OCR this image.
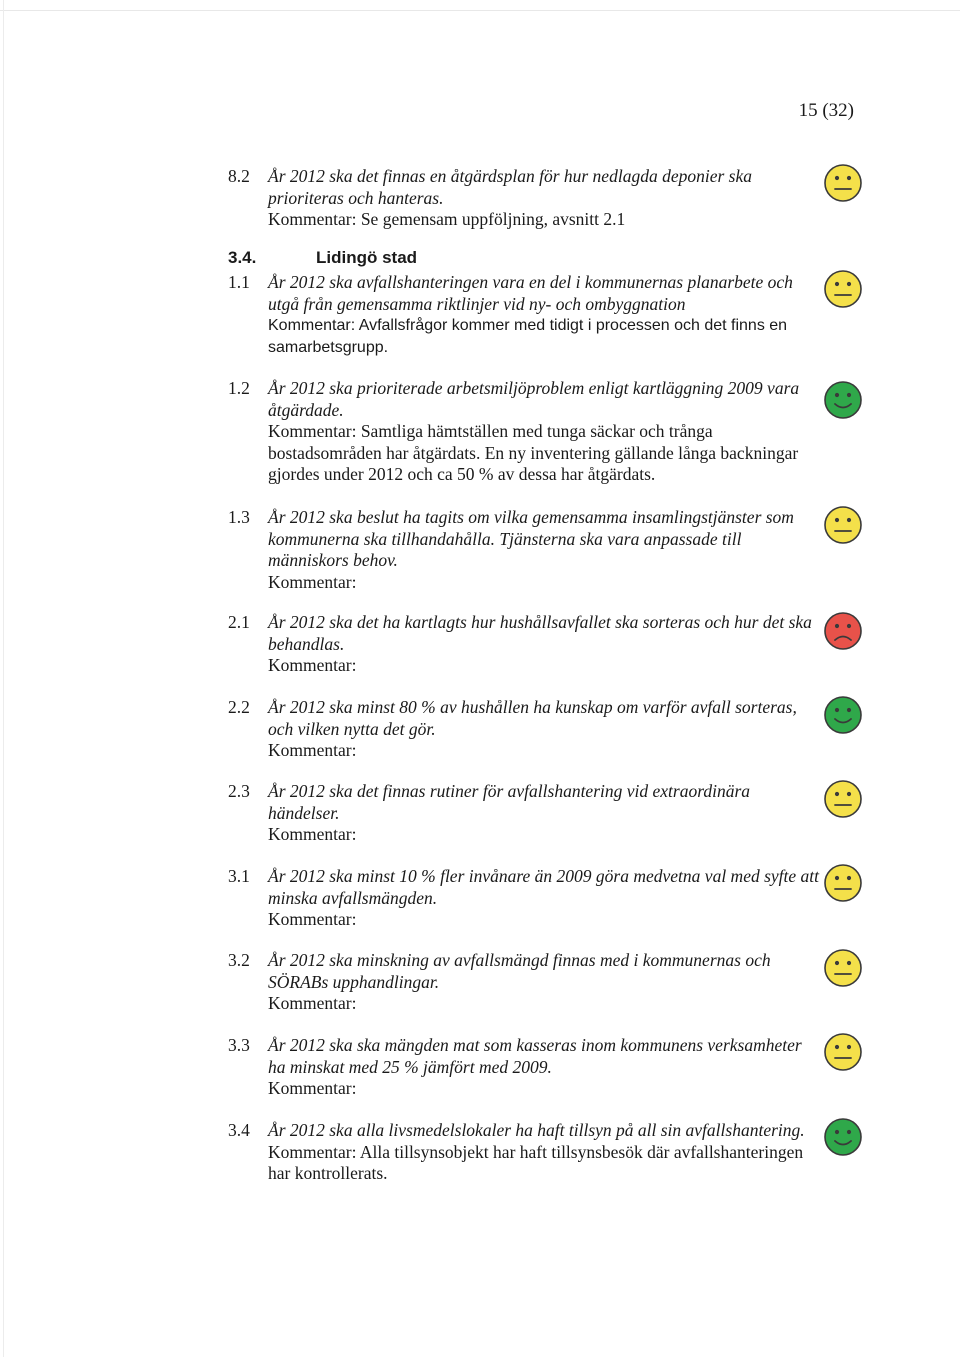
15 (32)
8.2	År 2012 ska det finnas en åtgärdsplan för hur nedlagda deponier ska prioriteras och hanteras.
Kommentar: Se gemensam uppföljning, avsnitt 2.1
3.4.	Lidingö stad
1.1	År 2012 ska avfallshanteringen vara en del i kommunernas planarbete och utgå från gemensamma riktlinjer vid ny- och ombyggnation
Kommentar: Avfallsfrågor kommer med tidigt i processen och det finns en samarbetsgrupp.
1.2	År 2012 ska prioriterade arbetsmiljöproblem enligt kartläggning 2009 vara åtgärdade.
Kommentar: Samtliga hämtställen med tunga säckar och trånga bostadsområden har åtgärdats. En ny inventering gällande långa backningar gjordes under 2012 och ca 50 % av dessa har åtgärdats.
1.3	År 2012 ska beslut ha tagits om vilka gemensamma insamlingstjänster som kommunerna ska tillhandahålla. Tjänsterna ska vara anpassade till människors behov.
Kommentar:
2.1	År 2012 ska det ha kartlagts hur hushållsavfallet ska sorteras och hur det ska behandlas.
Kommentar:
2.2	År 2012 ska minst 80 % av hushållen ha kunskap om varför avfall sorteras, och vilken nytta det gör.
Kommentar:
2.3	År 2012 ska det finnas rutiner för avfallshantering vid extraordinära händelser.
Kommentar:
3.1	År 2012 ska minst 10 % fler invånare än 2009 göra medvetna val med syfte att minska avfallsmängden.
Kommentar:
3.2	År 2012 ska minskning av avfallsmängd finnas med i kommunernas och SÖRABs upphandlingar.
Kommentar:
3.3	År 2012 ska ska mängden mat som kasseras inom kommunens verksamheter ha minskat med 25 % jämfört med 2009.
Kommentar:
3.4	År 2012 ska alla livsmedelslokaler ha haft tillsyn på all sin avfallshantering.
Kommentar: Alla tillsynsobjekt har haft tillsynsbesök där avfallshanteringen har kontrollerats.
